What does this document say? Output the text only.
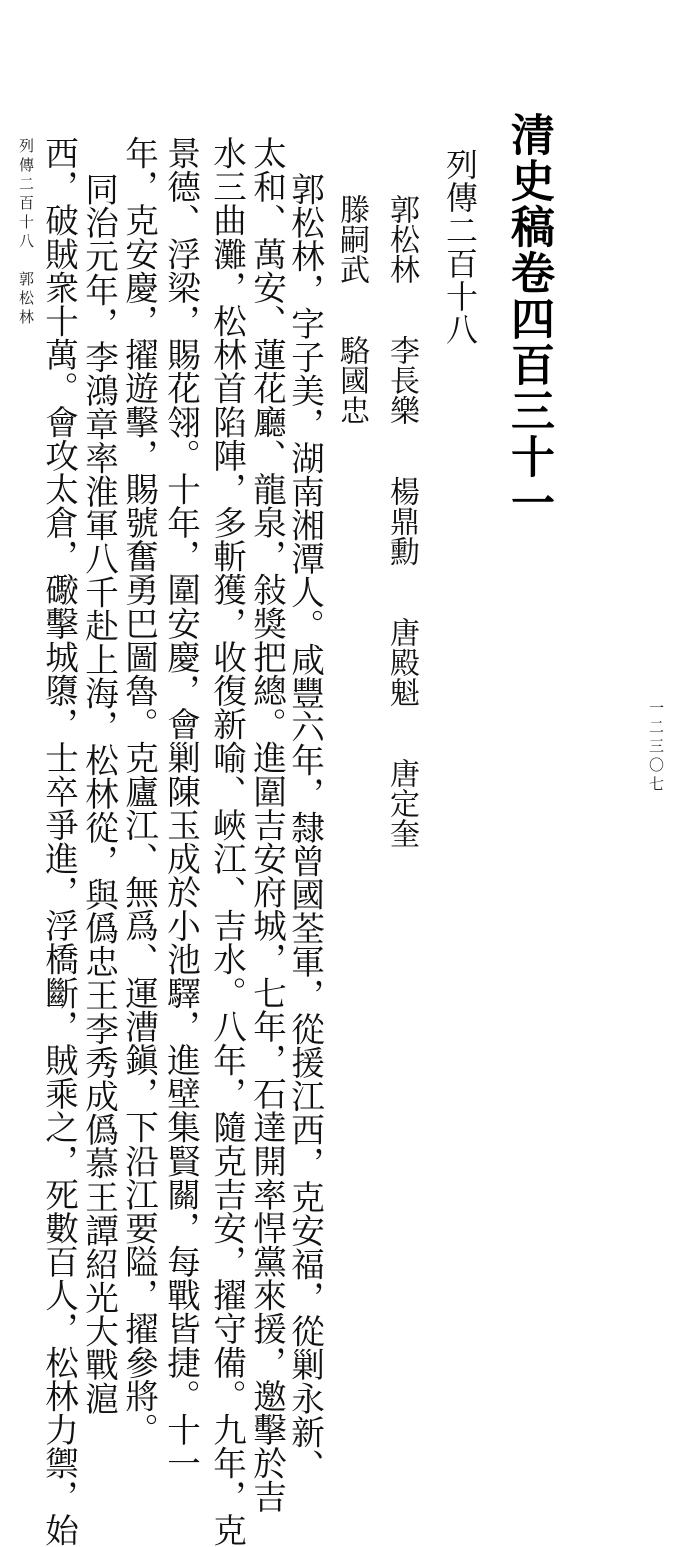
清史稿卷四百三十一
列傳二百十八
郭松林 李長樂 楊鼎勳 唐殿魁 唐定奎
滕嗣武 駱國忠
郭松林，字子美，湖南湘潭人。咸豐六年，隸曾國荃軍，從援江西，克安福，從剿永新、
太和、萬安、蓮花廳、龍泉，敍獎把總。進圍吉安府城，七年，石達開率悍黨來援，邀擊於吉
水三曲灘，松林首陷陣，多斬獲，收復新喻、峽江、吉水。八年，隨克吉安，擢守備。九年，克
景德、浮梁，賜花翎。十年，圍安慶，會剿陳玉成於小池驛，進壁集賢關，每戰皆捷。十一
年，克安慶，擢遊擊，賜號奮勇巴圖魯。克廬江、無爲、運漕鎭，下沿江要隘，擢參將。
同治元年，李鴻章率淮軍八千赴上海，松林從，與僞忠王李秀成僞慕王譚紹光大戰滬
西，破賊衆十萬。會攻太倉，礮擊城隳，士卒爭進，浮橋斷，賊乘之，死數百人，松林力禦，始
列傳二百十八　郭松林
一二三〇七
